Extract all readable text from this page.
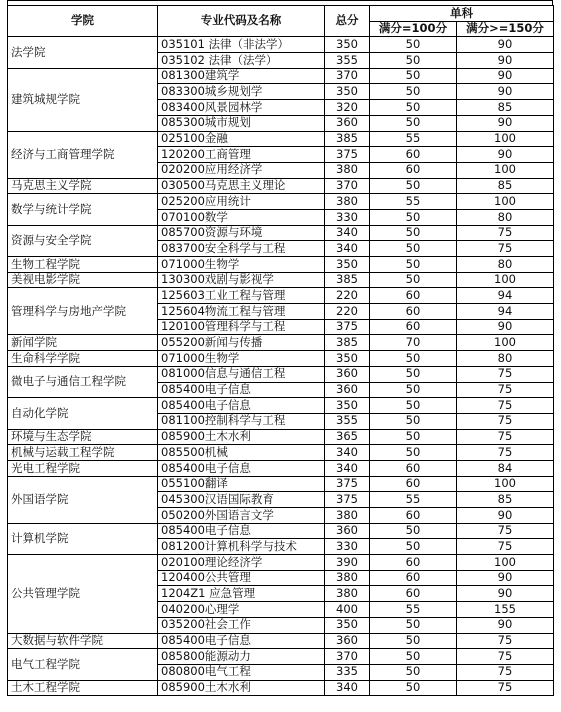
学院	专业代码及名称	总分	单科	
			满分=100分	满分>=150分
法学院	035101 法律（非法学）	350	50	90
	035102 法律（法学）	355	50	90
建筑城规学院	081300建筑学	370	50	90
	083300城乡规划学	350	50	90
	083400风景园林学	320	50	85
	085300城市规划	360	50	90
经济与工商管理学院	025100金融	385	55	100
	120200工商管理	375	60	90
	020200应用经济学	380	60	100
马克思主义学院	030500马克思主义理论	370	50	85
数学与统计学院	025200应用统计	380	55	100
	070100数学	330	50	80
资源与安全学院	085700资源与环境	340	50	75
	083700安全科学与工程	340	50	75
生物工程学院	071000生物学	350	50	80
美视电影学院	130300戏剧与影视学	385	50	100
管理科学与房地产学院	125603工业工程与管理	220	60	94
	125604物流工程与管理	220	60	94
	120100管理科学与工程	375	60	90
新闻学院	055200新闻与传播	385	70	100
生命科学学院	071000生物学	350	50	80
微电子与通信工程学院	081000信息与通信工程	360	50	75
	085400电子信息	360	50	75
自动化学院	085400电子信息	350	50	75
	081100控制科学与工程	355	50	75
环境与生态学院	085900土木水利	365	50	75
机械与运载工程学院	085500机械	340	50	75
光电工程学院	085400电子信息	340	60	84
外国语学院	055100翻译	375	60	100
	045300汉语国际教育	375	55	85
	050200外国语言文学	380	60	90
计算机学院	085400电子信息	360	50	75
	081200计算机科学与技术	330	50	75
公共管理学院	020100理论经济学	390	60	100
	120400公共管理	380	60	90
	1204Z1 应急管理	380	60	90
	040200心理学	400	55	155
	035200社会工作	350	50	90
大数据与软件学院	085400电子信息	360	50	75
电气工程学院	085800能源动力	370	50	75
	080800电气工程	335	50	75
土木工程学院	085900土木水利	340	50	75
